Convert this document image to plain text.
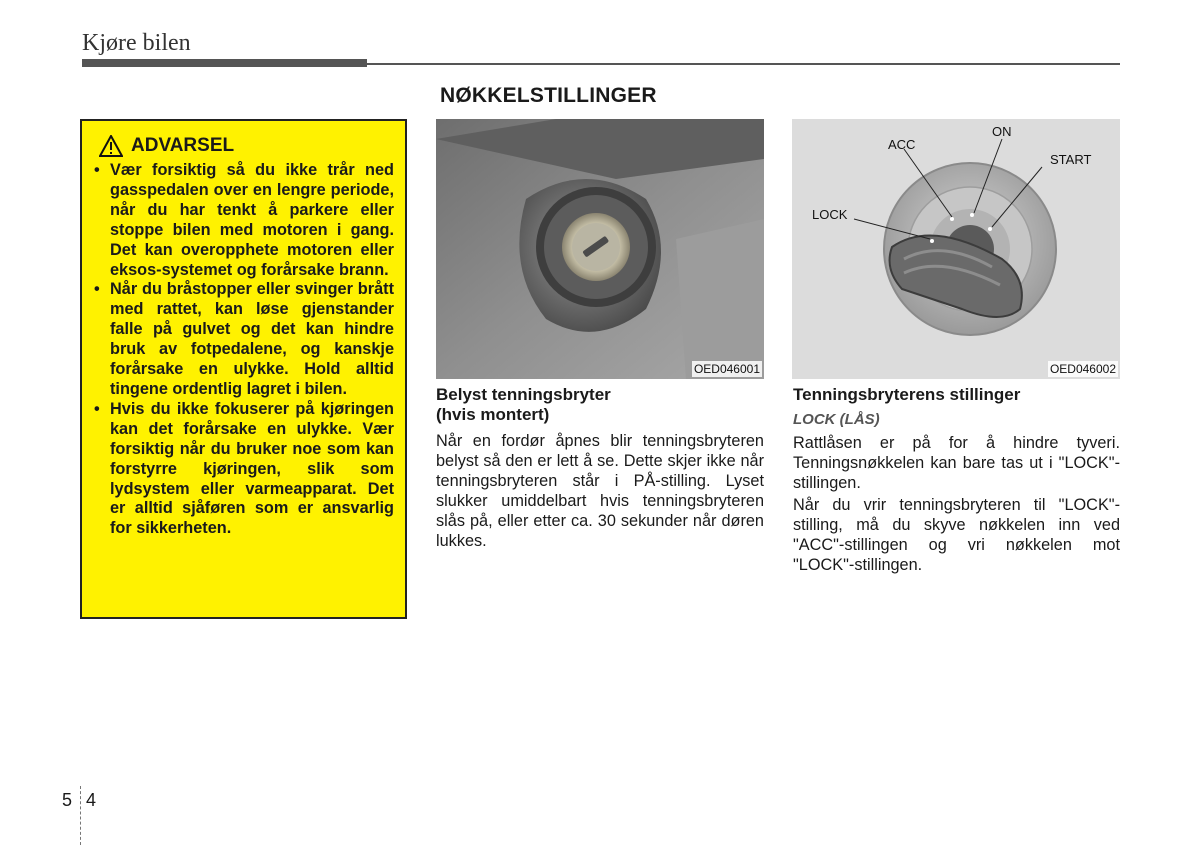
Kjøre bilen
NØKKELSTILLINGER
ADVARSEL
• Vær forsiktig så du ikke trår ned gasspedalen over en lengre periode, når du har tenkt å parkere eller stoppe bilen med motoren i gang. Det kan overopphete motoren eller eksos-systemet og forårsake brann.
• Når du bråstopper eller svinger brått med rattet, kan løse gjenstander falle på gulvet og det kan hindre bruk av fotpedalene, og kanskje forårsake en ulykke. Hold alltid tingene ordentlig lagret i bilen.
• Hvis du ikke fokuserer på kjøringen kan det forårsake en ulykke. Vær forsiktig når du bruker noe som kan forstyrre kjøringen, slik som lydsystem eller varmeapparat. Det er alltid sjåføren som er ansvarlig for sikkerheten.
OED046001
ACC
ON
START
LOCK
OED046002
Belyst tenningsbryter
(hvis montert)

Når en fordør åpnes blir tenningsbryteren belyst så den er lett å se. Dette skjer ikke når tenningsbryteren står i PÅ-stilling. Lyset slukker umiddelbart hvis tenningsbryteren slås på, eller etter ca. 30 sekunder når døren lukkes.

Tenningsbryterens stillinger
LOCK (LÅS)

Rattlåsen er på for å hindre tyveri. Tenningsnøkkelen kan bare tas ut i "LOCK"-stillingen.

Når du vrir tenningsbryteren til "LOCK"-stilling, må du skyve nøkkelen inn ved "ACC"-stillingen og vri nøkkelen mot "LOCK"-stillingen.

5 4
